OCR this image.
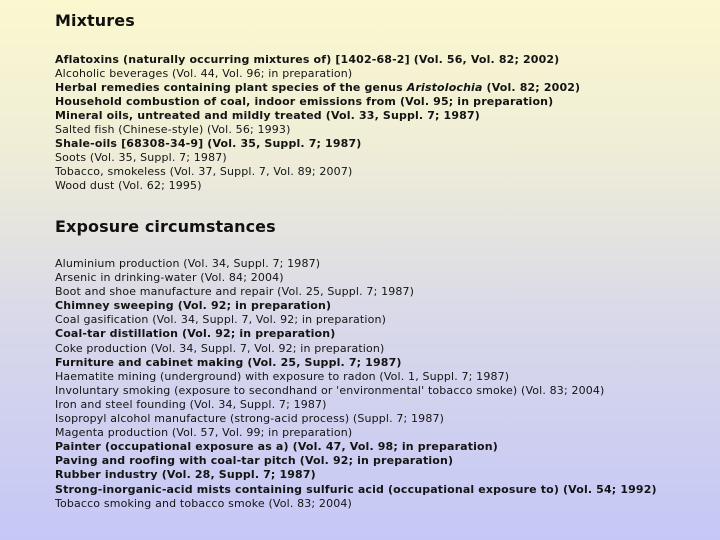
Mixtures
Aflatoxins (naturally occurring mixtures of) [1402-68-2] (Vol. 56, Vol. 82; 2002)
Alcoholic beverages (Vol. 44, Vol. 96; in preparation)
Herbal remedies containing plant species of the genus Aristolochia (Vol. 82; 2002)
Household combustion of coal, indoor emissions from (Vol. 95; in preparation)
Mineral oils, untreated and mildly treated (Vol. 33, Suppl. 7; 1987)
Salted fish (Chinese-style) (Vol. 56; 1993)
Shale-oils [68308-34-9] (Vol. 35, Suppl. 7; 1987)
Soots (Vol. 35, Suppl. 7; 1987)
Tobacco, smokeless (Vol. 37, Suppl. 7, Vol. 89; 2007)
Wood dust (Vol. 62; 1995)
Exposure circumstances
Aluminium production (Vol. 34, Suppl. 7; 1987)
Arsenic in drinking-water (Vol. 84; 2004)
Boot and shoe manufacture and repair (Vol. 25, Suppl. 7; 1987)
Chimney sweeping (Vol. 92; in preparation)
Coal gasification (Vol. 34, Suppl. 7, Vol. 92; in preparation)
Coal-tar distillation (Vol. 92; in preparation)
Coke production (Vol. 34, Suppl. 7, Vol. 92; in preparation)
Furniture and cabinet making (Vol. 25, Suppl. 7; 1987)
Haematite mining (underground) with exposure to radon (Vol. 1, Suppl. 7; 1987)
Involuntary smoking (exposure to secondhand or 'environmental' tobacco smoke) (Vol. 83; 2004)
Iron and steel founding (Vol. 34, Suppl. 7; 1987)
Isopropyl alcohol manufacture (strong-acid process) (Suppl. 7; 1987)
Magenta production (Vol. 57, Vol. 99; in preparation)
Painter (occupational exposure as a) (Vol. 47, Vol. 98; in preparation)
Paving and roofing with coal-tar pitch (Vol. 92; in preparation)
Rubber industry (Vol. 28, Suppl. 7; 1987)
Strong-inorganic-acid mists containing sulfuric acid (occupational exposure to) (Vol. 54; 1992)
Tobacco smoking and tobacco smoke (Vol. 83; 2004)
